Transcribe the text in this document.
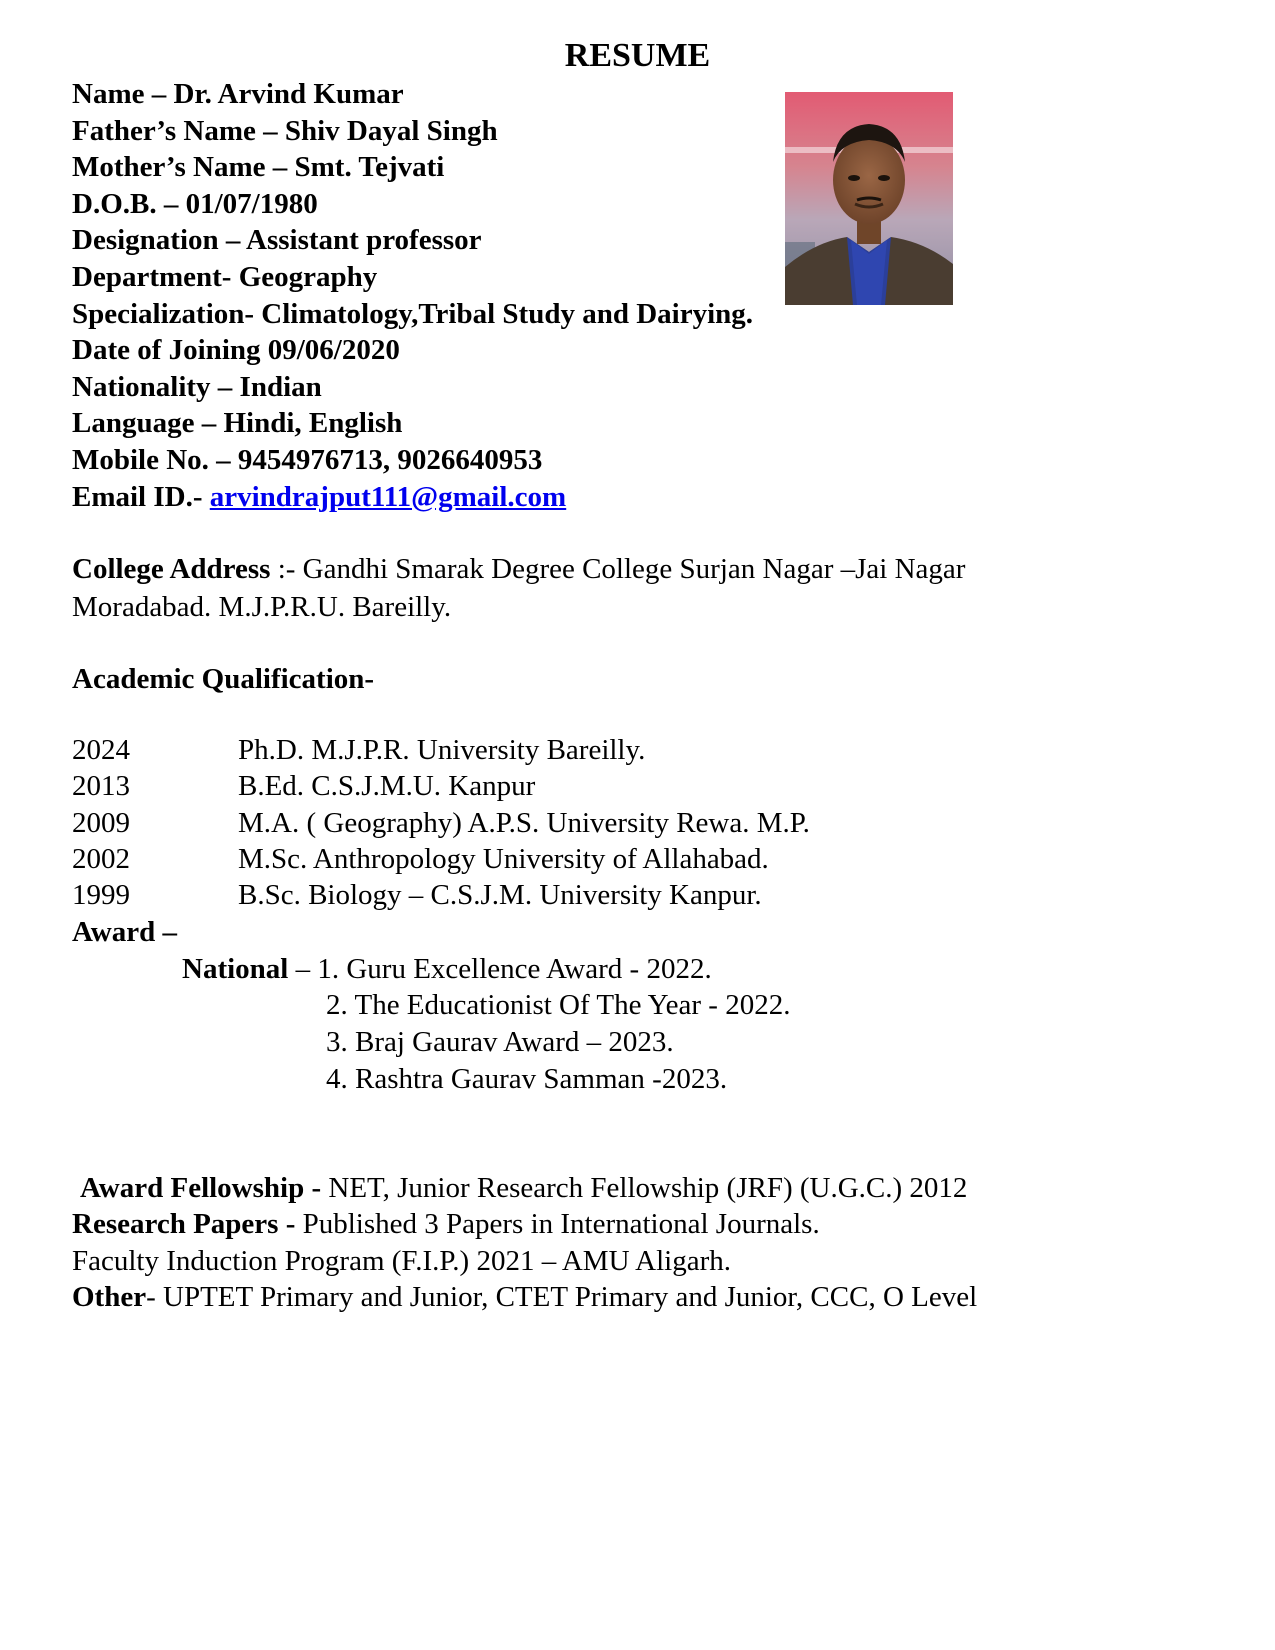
RESUME
Name – Dr. Arvind Kumar
Father’s Name – Shiv Dayal Singh
Mother’s Name – Smt. Tejvati
D.O.B. – 01/07/1980
Designation – Assistant professor
Department- Geography
Specialization- Climatology,Tribal Study and Dairying.
Date of Joining 09/06/2020
Nationality – Indian
Language – Hindi, English
Mobile No. – 9454976713, 9026640953
Email ID.- arvindrajput111@gmail.com
College Address :- Gandhi Smarak Degree College Surjan Nagar –Jai Nagar
Moradabad. M.J.P.R.U. Bareilly.
Academic Qualification-
2024	Ph.D. M.J.P.R. University Bareilly.
2013	B.Ed. C.S.J.M.U. Kanpur
2009	M.A. ( Geography) A.P.S. University Rewa. M.P.
2002	M.Sc. Anthropology University of Allahabad.
1999	B.Sc. Biology – C.S.J.M. University Kanpur.
Award –
National – 1. Guru Excellence Award - 2022.
2. The Educationist Of The Year - 2022.
3. Braj Gaurav Award – 2023.
4. Rashtra Gaurav Samman -2023.
Award Fellowship - NET, Junior Research Fellowship (JRF) (U.G.C.) 2012
Research Papers - Published 3 Papers in International Journals.
Faculty Induction Program (F.I.P.) 2021 – AMU Aligarh.
Other- UPTET Primary and Junior, CTET Primary and Junior, CCC, O Level
